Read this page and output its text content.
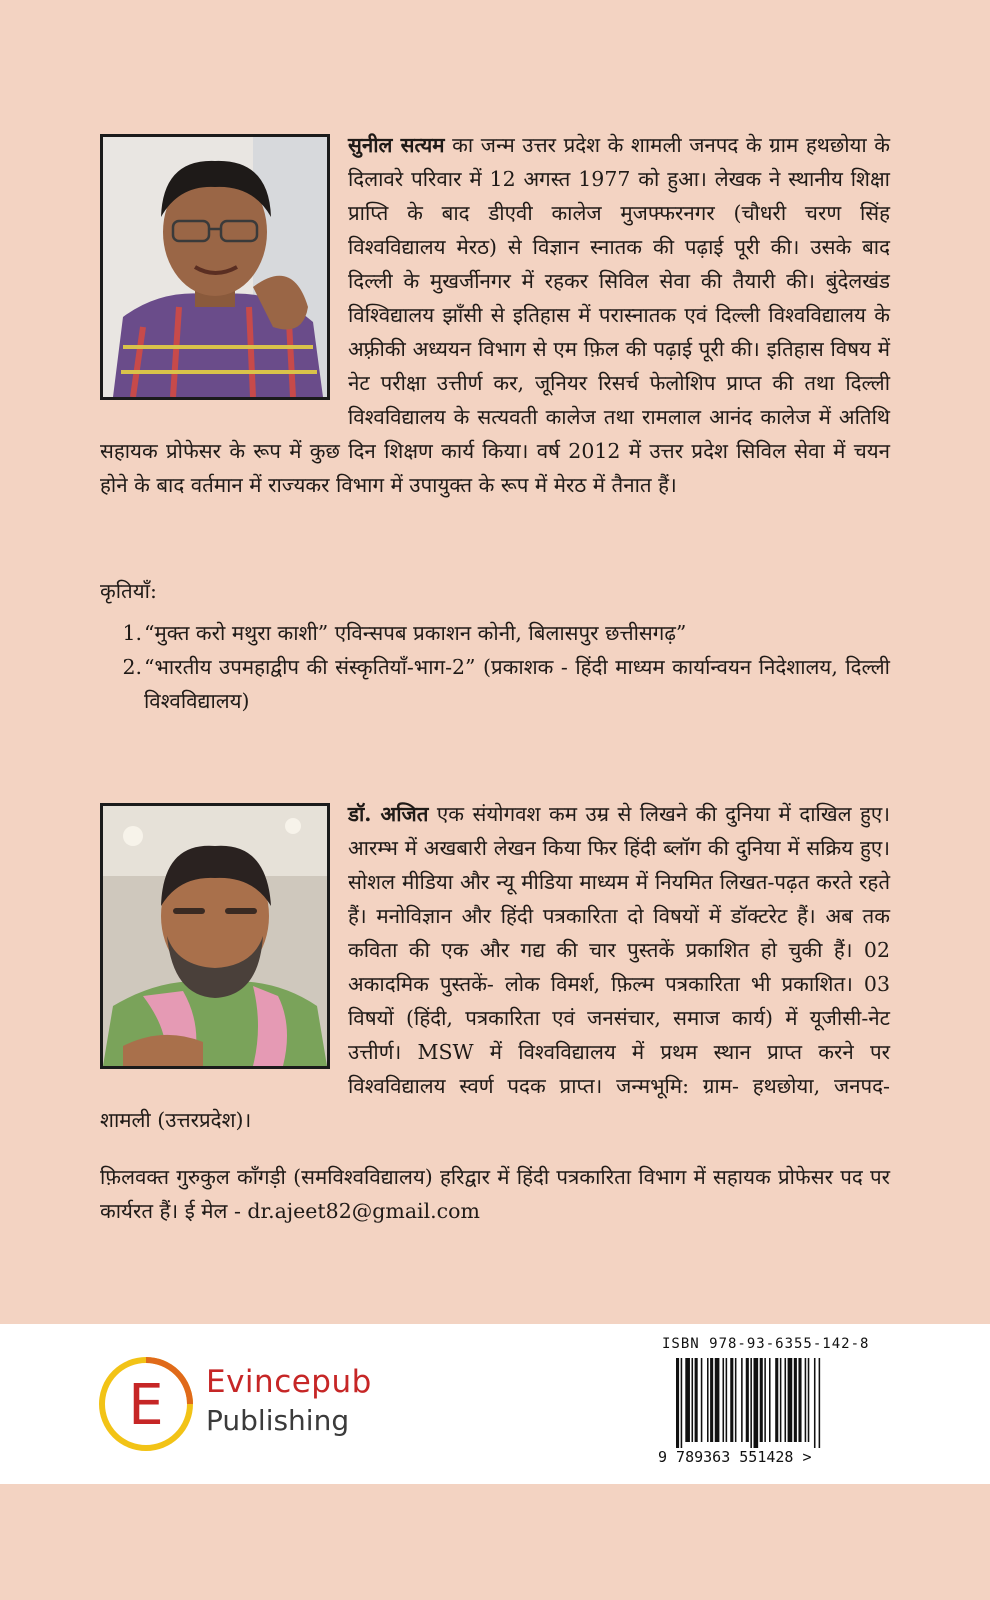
सुनील सत्यम का जन्म उत्तर प्रदेश के शामली जनपद के ग्राम हथछोया के दिलावरे परिवार में 12 अगस्त 1977 को हुआ। लेखक ने स्थानीय शिक्षा प्राप्ति के बाद डीएवी कालेज मुजफ्फरनगर (चौधरी चरण सिंह विश्वविद्यालय मेरठ) से विज्ञान स्नातक की पढ़ाई पूरी की। उसके बाद दिल्ली के मुखर्जीनगर में रहकर सिविल सेवा की तैयारी की। बुंदेलखंड विश्विद्यालय झाँसी से इतिहास में परास्नातक एवं दिल्ली विश्वविद्यालय के अफ़्रीकी अध्ययन विभाग से एम फ़िल की पढ़ाई पूरी की। इतिहास विषय में नेट परीक्षा उत्तीर्ण कर, जूनियर रिसर्च फेलोशिप प्राप्त की तथा दिल्ली विश्वविद्यालय के सत्यवती कालेज तथा रामलाल आनंद कालेज में अतिथि सहायक प्रोफेसर के रूप में कुछ दिन शिक्षण कार्य किया। वर्ष 2012 में उत्तर प्रदेश सिविल सेवा में चयन होने के बाद वर्तमान में राज्यकर विभाग में उपायुक्त के रूप में मेरठ में तैनात हैं।
कृतियाँ:
1. “मुक्त करो मथुरा काशी” एविन्सपब प्रकाशन कोनी, बिलासपुर छत्तीसगढ़”
2. “भारतीय उपमहाद्वीप की संस्कृतियाँ-भाग-2” (प्रकाशक - हिंदी माध्यम कार्यान्वयन निदेशालय, दिल्ली विश्वविद्यालय)
डॉ. अजित एक संयोगवश कम उम्र से लिखने की दुनिया में दाखिल हुए। आरम्भ में अखबारी लेखन किया फिर हिंदी ब्लॉग की दुनिया में सक्रिय हुए। सोशल मीडिया और न्यू मीडिया माध्यम में नियमित लिखत-पढ़त करते रहते हैं। मनोविज्ञान और हिंदी पत्रकारिता दो विषयों में डॉक्टरेट हैं। अब तक कविता की एक और गद्य की चार पुस्तकें प्रकाशित हो चुकी हैं। 02 अकादमिक पुस्तकें- लोक विमर्श, फ़िल्म पत्रकारिता भी प्रकाशित। 03 विषयों (हिंदी, पत्रकारिता एवं जनसंचार, समाज कार्य) में यूजीसी-नेट उत्तीर्ण। MSW में विश्वविद्यालय में प्रथम स्थान प्राप्त करने पर विश्वविद्यालय स्वर्ण पदक प्राप्त। जन्मभूमि: ग्राम- हथछोया, जनपद- शामली (उत्तरप्रदेश)।
फ़िलवक्त गुरुकुल काँगड़ी (समविश्वविद्यालय) हरिद्वार में हिंदी पत्रकारिता विभाग में सहायक प्रोफेसर पद पर कार्यरत हैं। ई मेल - dr.ajeet82@gmail.com
E Evincepub
Publishing
ISBN 978-93-6355-142-8
9 789363 551428 >
